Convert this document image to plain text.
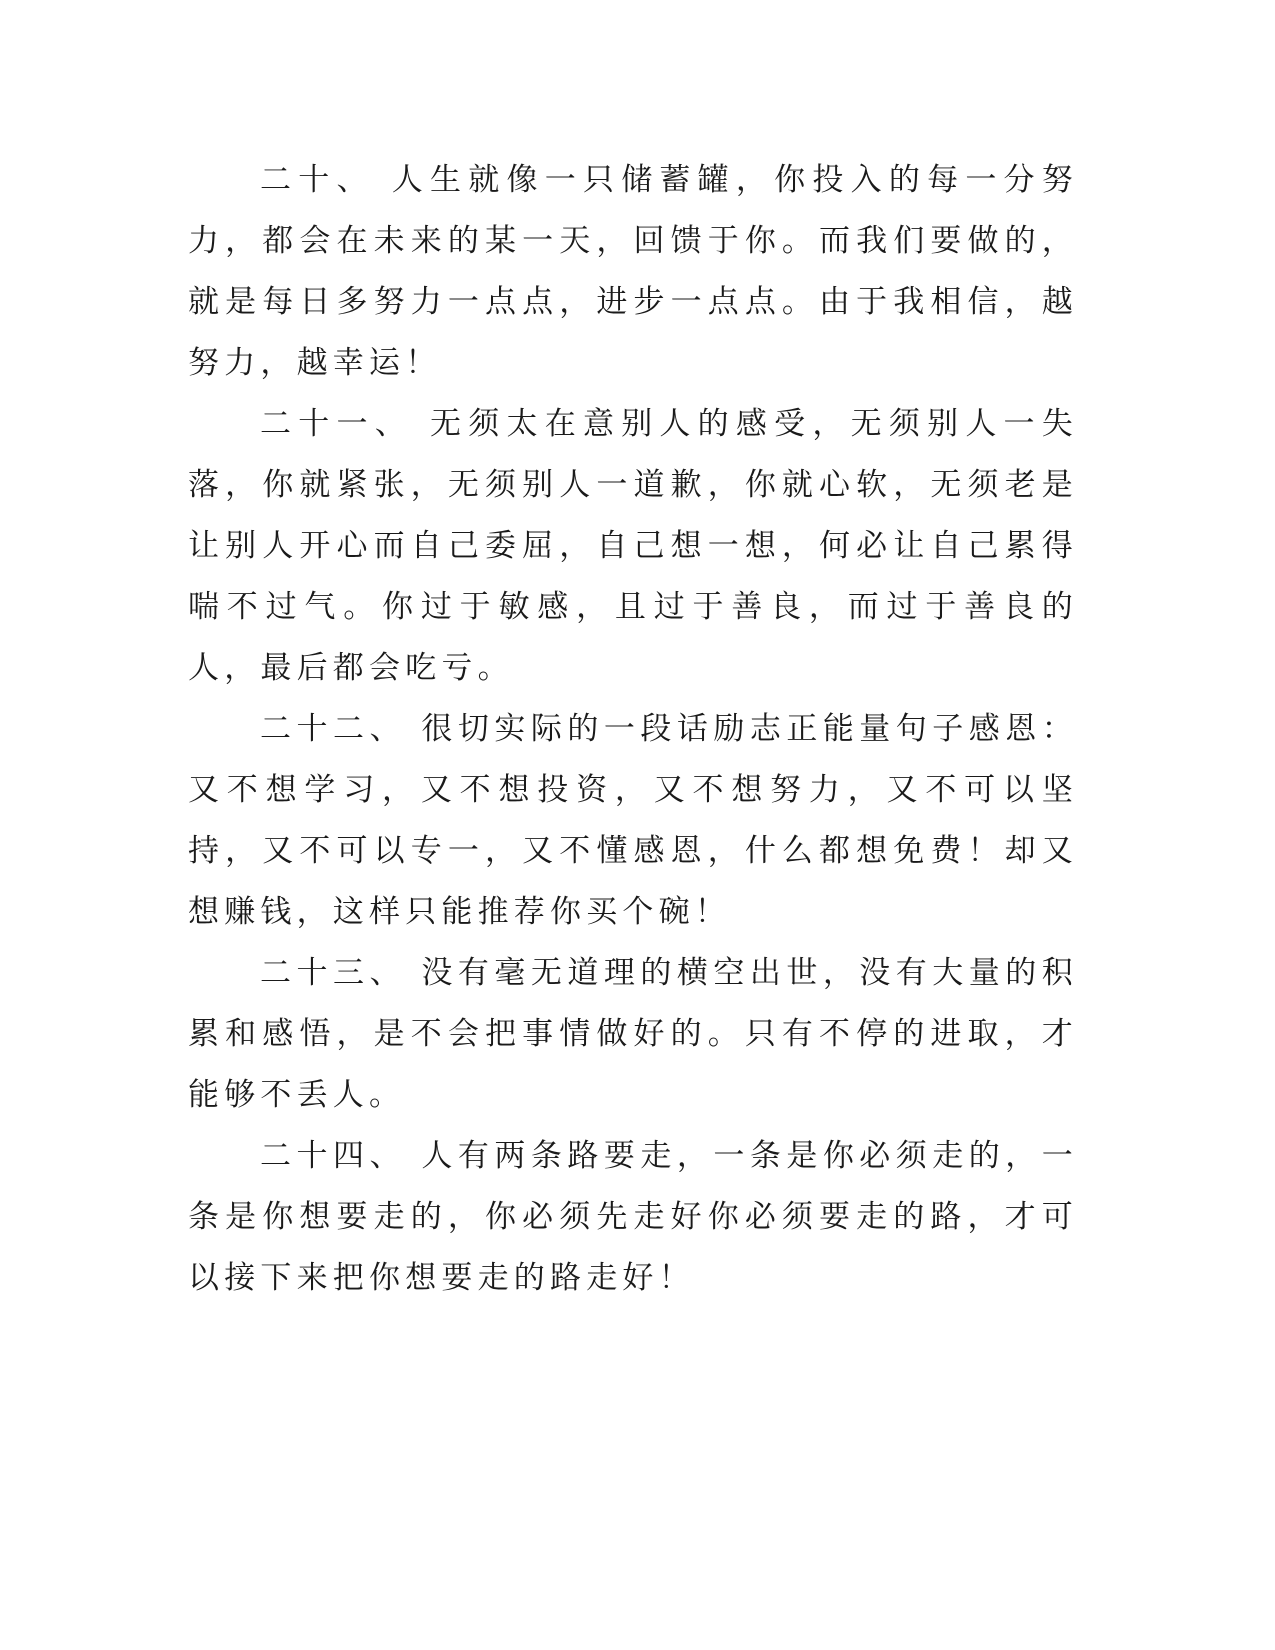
二十、 人生就像一只储蓄罐，你投入的每一分努力，都会在未来的某一天，回馈于你。而我们要做的，就是每日多努力一点点，进步一点点。由于我相信，越努力，越幸运！

二十一、 无须太在意别人的感受，无须别人一失落，你就紧张，无须别人一道歉，你就心软，无须老是让别人开心而自己委屈，自己想一想，何必让自己累得喘不过气。你过于敏感，且过于善良，而过于善良的人，最后都会吃亏。

二十二、 很切实际的一段话励志正能量句子感恩：又不想学习，又不想投资，又不想努力，又不可以坚持，又不可以专一，又不懂感恩，什么都想免费！却又想赚钱，这样只能推荐你买个碗！

二十三、 没有毫无道理的横空出世，没有大量的积累和感悟，是不会把事情做好的。只有不停的进取，才能够不丢人。

二十四、 人有两条路要走，一条是你必须走的，一条是你想要走的，你必须先走好你必须要走的路，才可以接下来把你想要走的路走好！
